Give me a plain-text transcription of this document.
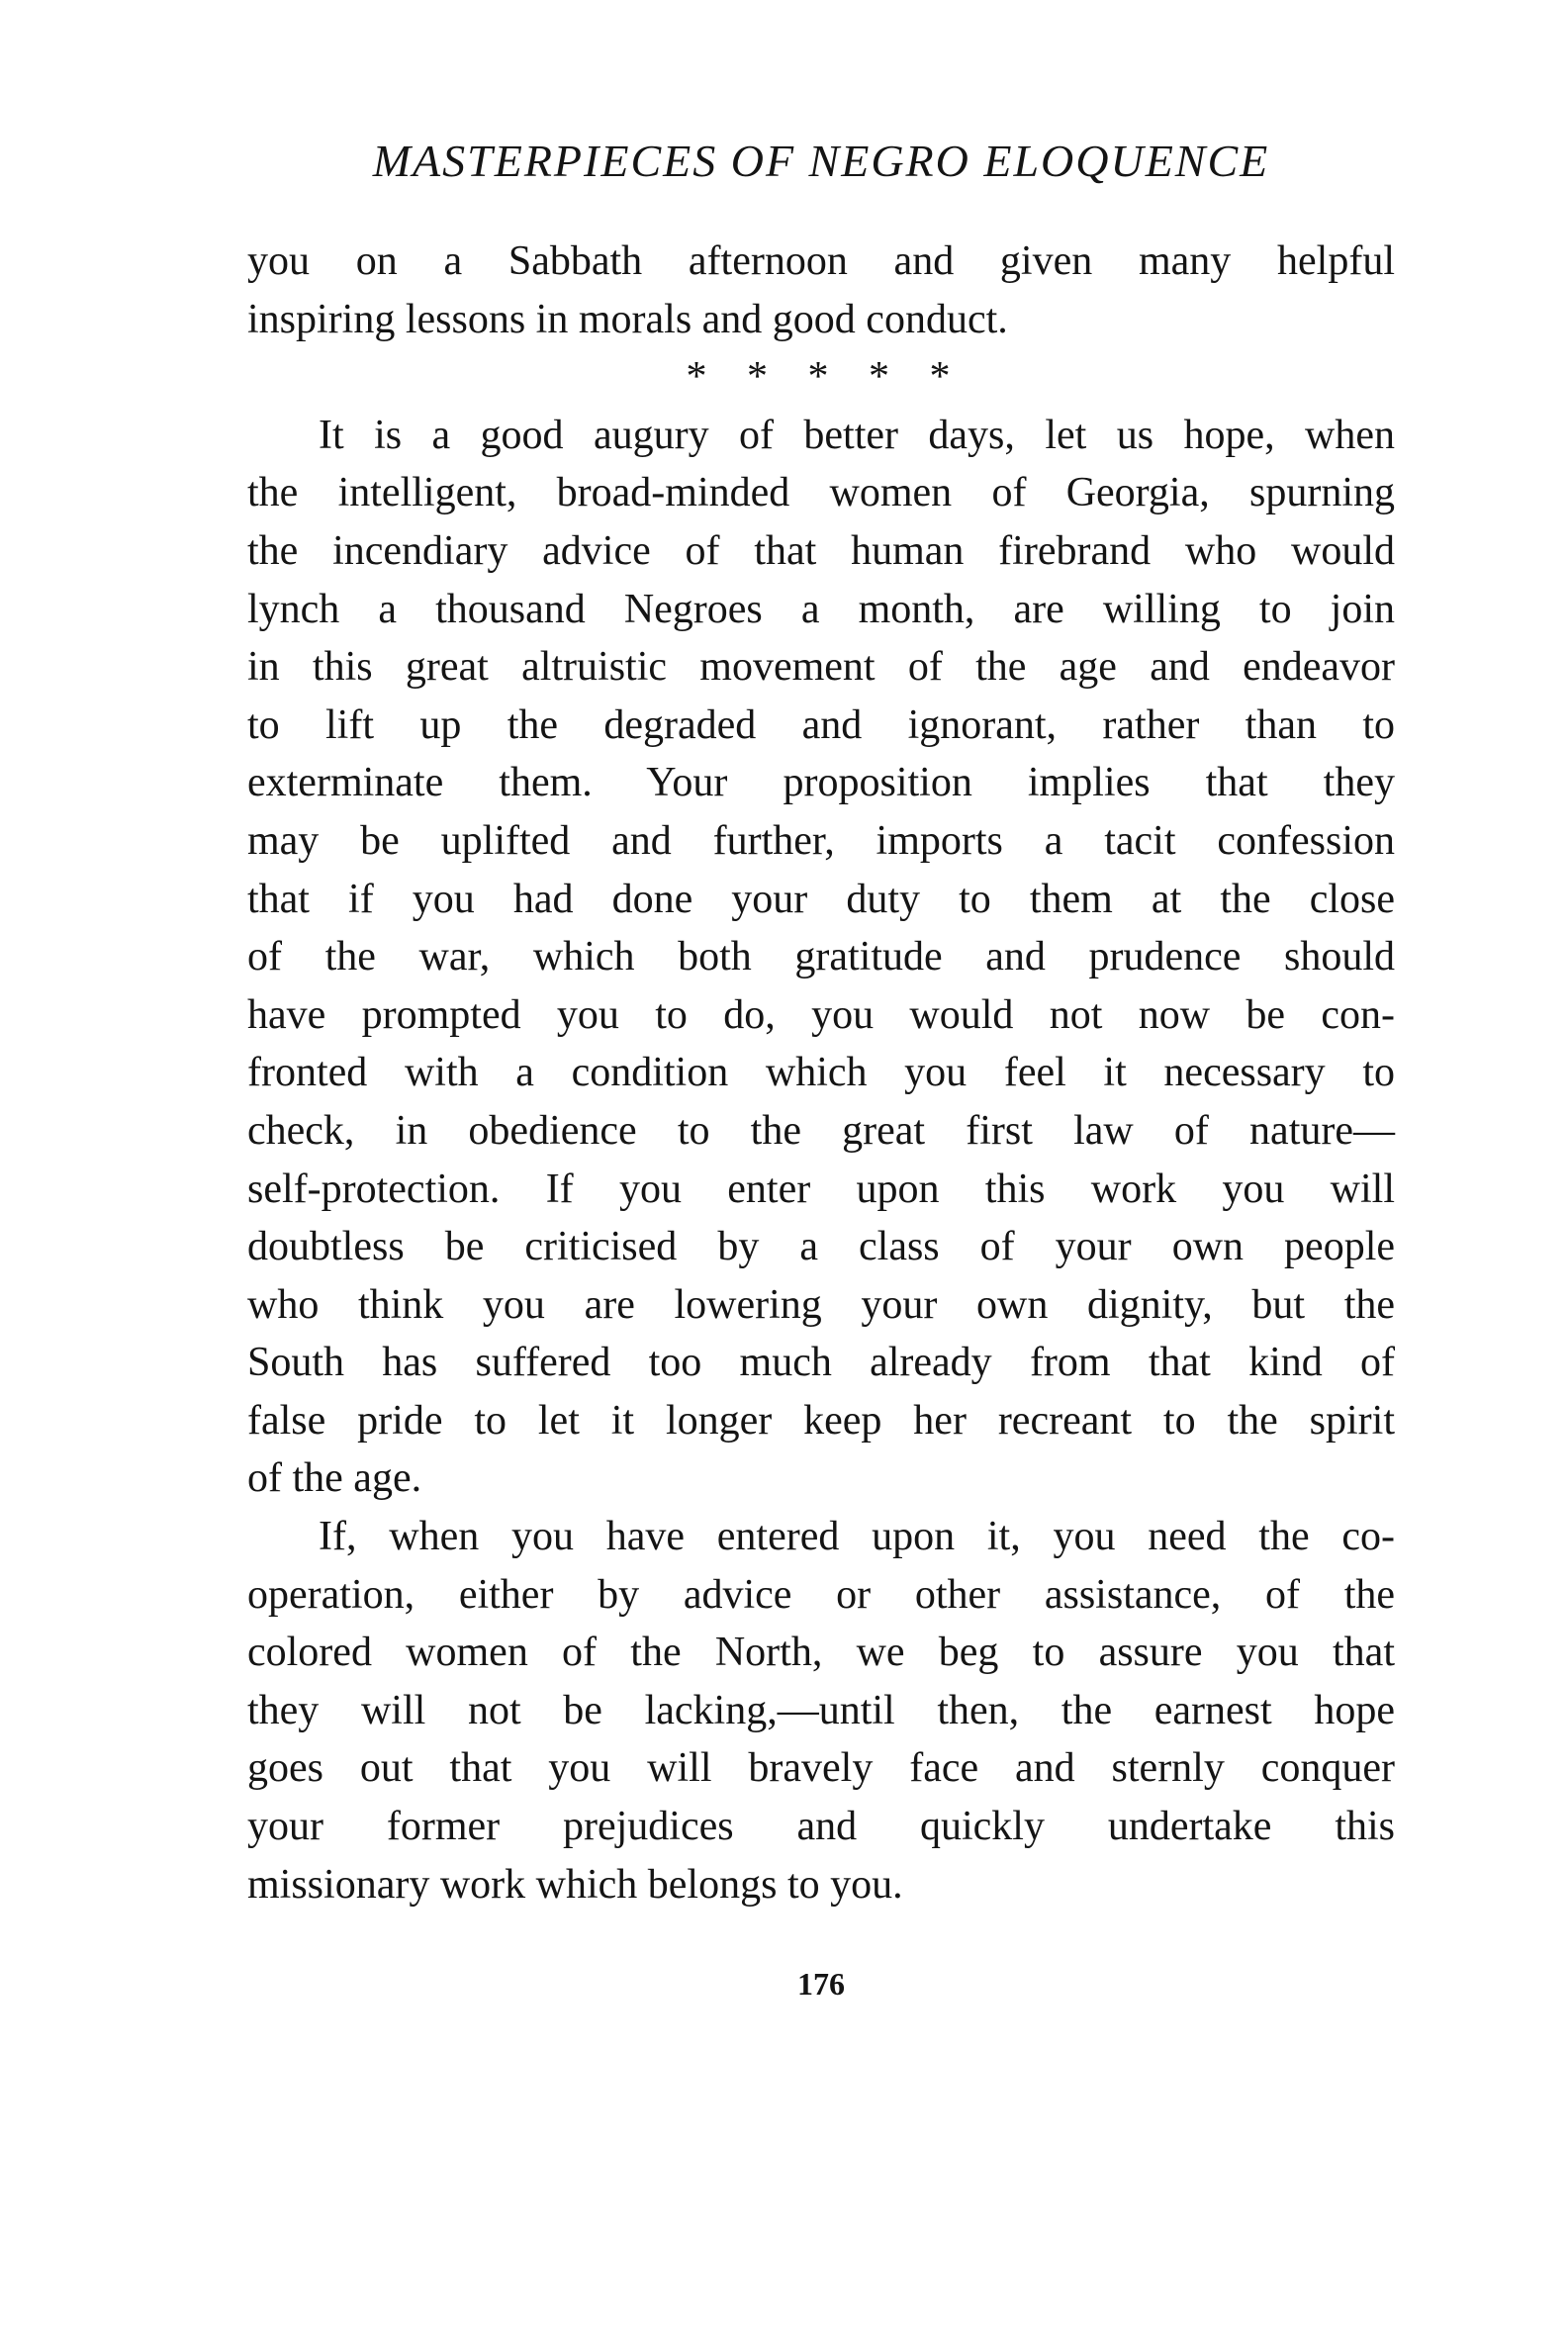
MASTERPIECES OF NEGRO ELOQUENCE
you on a Sabbath afternoon and given many helpful
inspiring lessons in morals and good conduct.
* * * * *
It is a good augury of better days, let us hope, when
the intelligent, broad-minded women of Georgia, spurning
the incendiary advice of that human firebrand who would
lynch a thousand Negroes a month, are willing to join
in this great altruistic movement of the age and endeavor
to lift up the degraded and ignorant, rather than to
exterminate them. Your proposition implies that they
may be uplifted and further, imports a tacit confession
that if you had done your duty to them at the close
of the war, which both gratitude and prudence should
have prompted you to do, you would not now be con-
fronted with a condition which you feel it necessary to
check, in obedience to the great first law of nature—
self-protection. If you enter upon this work you will
doubtless be criticised by a class of your own people
who think you are lowering your own dignity, but the
South has suffered too much already from that kind of
false pride to let it longer keep her recreant to the spirit
of the age.
If, when you have entered upon it, you need the co-
operation, either by advice or other assistance, of the
colored women of the North, we beg to assure you that
they will not be lacking,—until then, the earnest hope
goes out that you will bravely face and sternly conquer
your former prejudices and quickly undertake this
missionary work which belongs to you.
176
